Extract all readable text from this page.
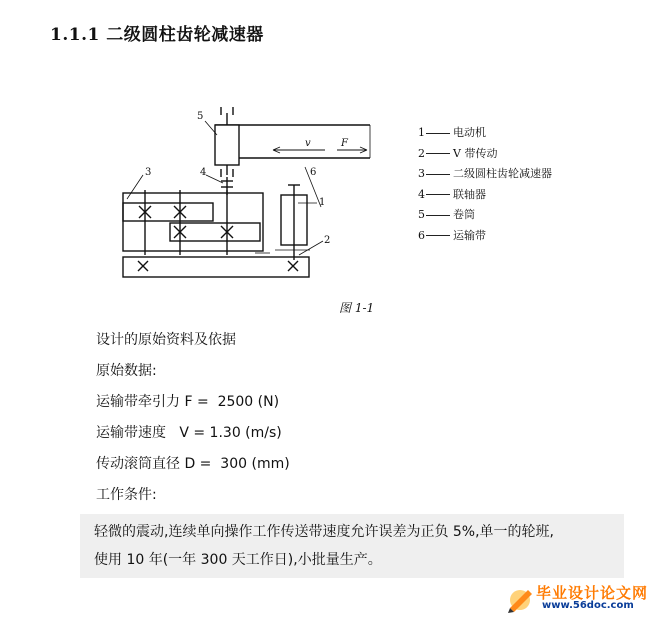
1.1.1 二级圆柱齿轮减速器
5
6
3	4
1
2
v	F
1	电动机
2	V 带传动
3	二级圆柱齿轮减速器
4	联轴器
5	卷筒
6	运输带
图 1-1
设计的原始资料及依据
原始数据:
运输带牵引力 F =  2500 (N)
运输带速度   V = 1.30 (m/s)
传动滚筒直径 D =  300 (mm)
工作条件:
轻微的震动,连续单向操作工作传送带速度允许误差为正负 5%,单一的轮班,
使用 10 年(一年 300 天工作日),小批量生产。
毕业设计论文网
www.56doc.com
